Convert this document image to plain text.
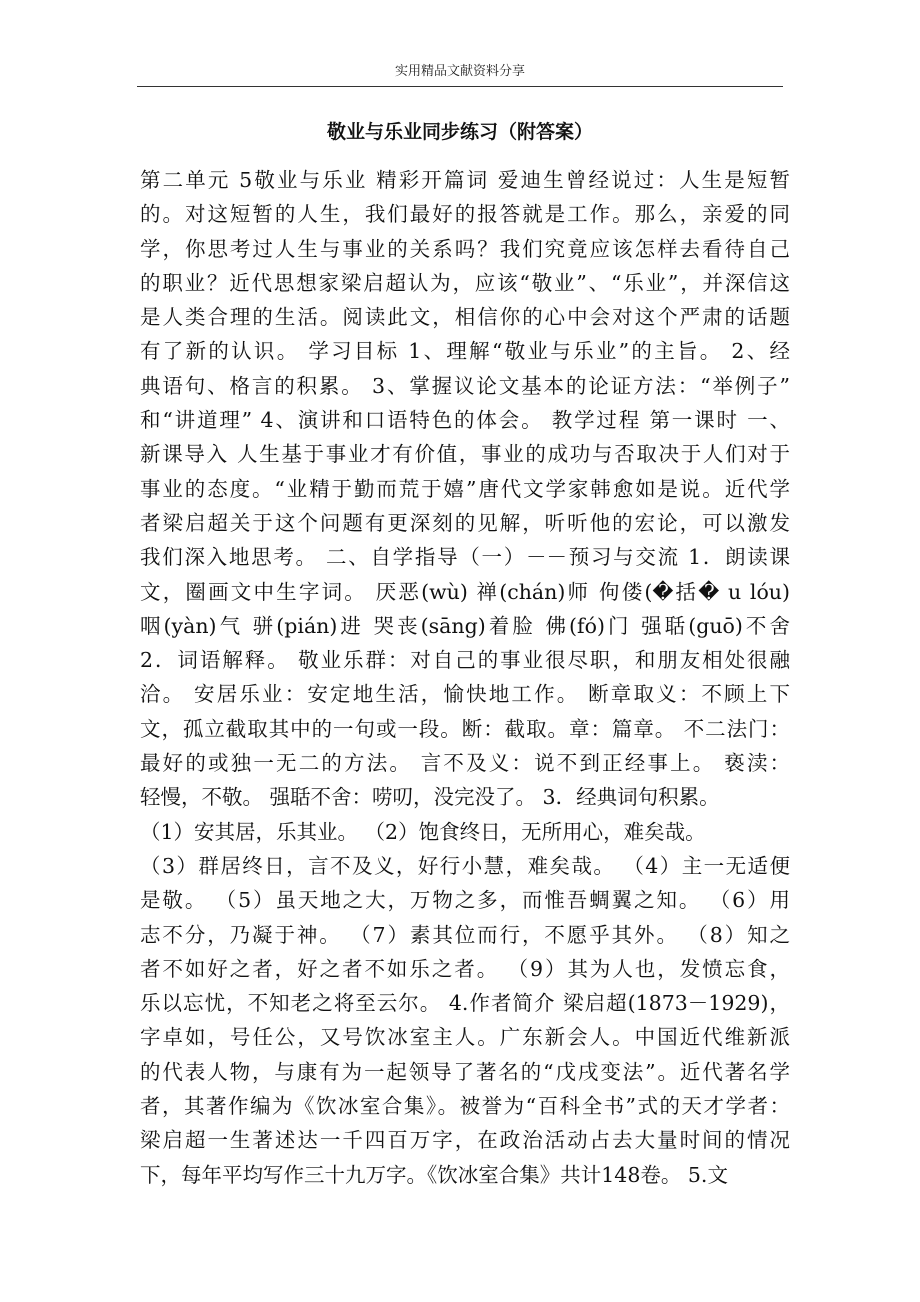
实用精品文献资料分享
敬业与乐业同步练习（附答案）
第二单元 5敬业与乐业 精彩开篇词 爱迪生曾经说过：人生是短暂
的。对这短暂的人生，我们最好的报答就是工作。那么，亲爱的同
学，你思考过人生与事业的关系吗？我们究竟应该怎样去看待自己
的职业？近代思想家梁启超认为，应该“敬业”、“乐业”，并深信这
是人类合理的生活。阅读此文，相信你的心中会对这个严肃的话题
有了新的认识。 学习目标 1、理解“敬业与乐业”的主旨。 2、经
典语句、格言的积累。 3、掌握议论文基本的论证方法：“举例子”
和“讲道理” 4、演讲和口语特色的体会。 教学过程 第一课时 一、
新课导入 人生基于事业才有价值，事业的成功与否取决于人们对于
事业的态度。“业精于勤而荒于嬉”唐代文学家韩愈如是说。近代学
者梁启超关于这个问题有更深刻的见解，听听他的宏论，可以激发
我们深入地思考。 二、自学指导（一）－－预习与交流 1．朗读课
文，圈画文中生字词。 厌恶(wù) 禅(chán)师 佝偻(�括� u lóu)
咽(yàn)气 骈(pián)进 哭丧(sāng)着脸 佛(fó)门 强聒(guō)不舍
2．词语解释。 敬业乐群：对自己的事业很尽职，和朋友相处很融
洽。 安居乐业：安定地生活，愉快地工作。 断章取义：不顾上下
文，孤立截取其中的一句或一段。断：截取。章：篇章。 不二法门：
最好的或独一无二的方法。 言不及义：说不到正经事上。 亵渎：
轻慢，不敬。 强聒不舍：唠叨，没完没了。 3．经典词句积累。
（1）安其居，乐其业。 （2）饱食终日，无所用心，难矣哉。
（3）群居终日，言不及义，好行小慧，难矣哉。 （4）主一无适便
是敬。 （5）虽天地之大，万物之多，而惟吾蜩翼之知。 （6）用
志不分，乃凝于神。 （7）素其位而行，不愿乎其外。 （8）知之
者不如好之者，好之者不如乐之者。 （9）其为人也，发愤忘食，
乐以忘忧，不知老之将至云尔。 4.作者简介 梁启超(1873－1929)，
字卓如，号任公，又号饮冰室主人。广东新会人。中国近代维新派
的代表人物，与康有为一起领导了著名的“戊戌变法”。近代著名学
者，其著作编为《饮冰室合集》。被誉为“百科全书”式的天才学者：
梁启超一生著述达一千四百万字，在政治活动占去大量时间的情况
下，每年平均写作三十九万字。《饮冰室合集》共计148卷。 5.文
